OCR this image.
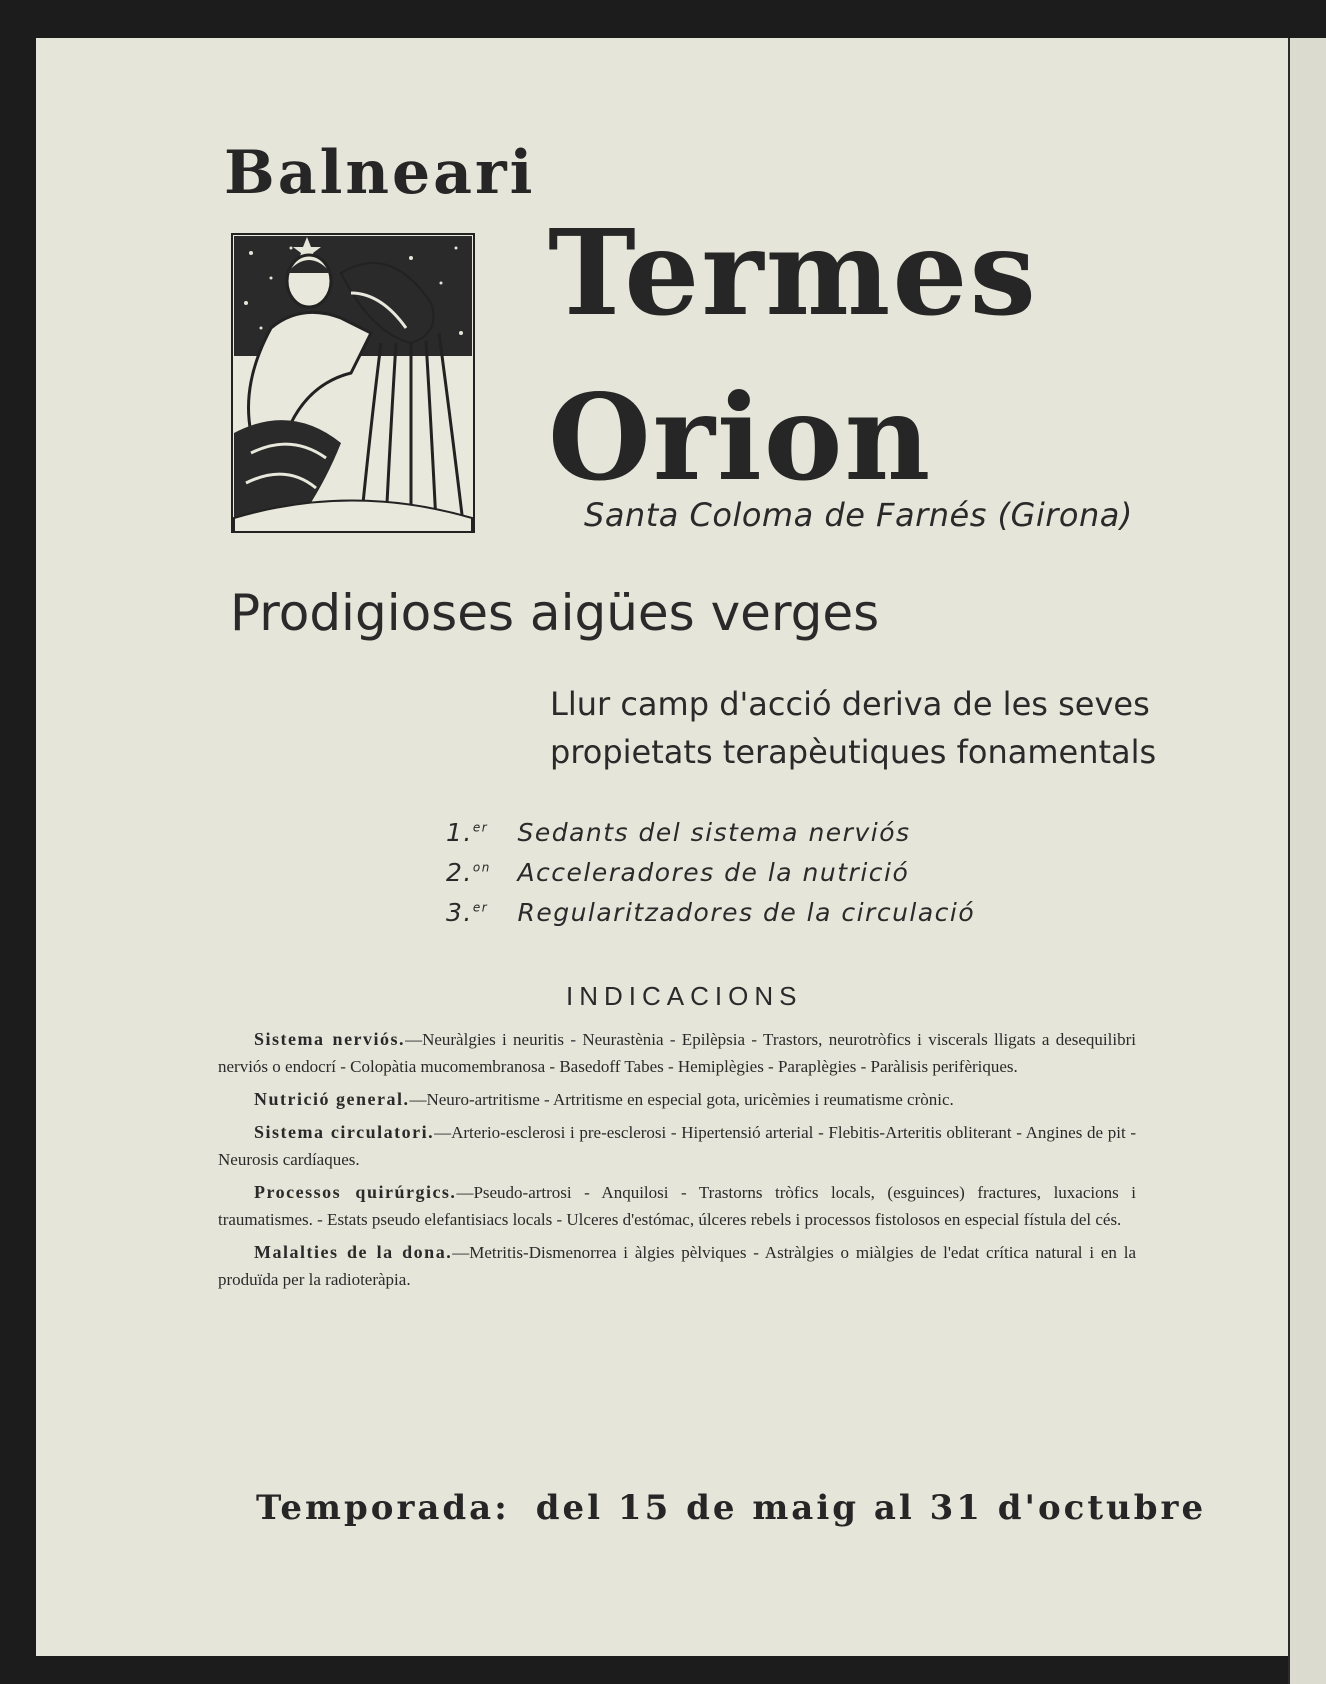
Balneari
Termes
Orion
Santa Coloma de Farnés (Girona)
Prodigioses aigües verges
Llur camp d'acció deriva de les seves propietats terapèutiques fonamentals
1.$^{er}$ Sedants del sistema nerviós
2.$^{on}$ Acceleradores de la nutrició
3.$^{er}$ Regularitzadores de la circulació
INDICACIONS
Sistema nerviós.—Neuràlgies i neuritis - Neurastènia - Epilèpsia - Trastors, neurotròfics i viscerals lligats a desequilibri nerviós o endocrí - Colopàtia mucomembranosa - Basedoff Tabes - Hemiplègies - Paraplègies - Paràlisis perifèriques.
Nutrició general.—Neuro-artritisme - Artritisme en especial gota, uricèmies i reumatisme crònic.
Sistema circulatori.—Arterio-esclerosi i pre-esclerosi - Hipertensió arterial - Flebitis-Arteritis obliterant - Angines de pit - Neurosis cardíaques.
Processos quirúrgics.—Pseudo-artrosi - Anquilosi - Trastorns tròfics locals, (esguinces) fractures, luxacions i traumatismes. - Estats pseudo elefantisiacs locals - Ulceres d'estómac, úlceres rebels i processos fistolosos en especial fístula del cés.
Malalties de la dona.—Metritis-Dismenorrea i àlgies pèlviques - Astràlgies o miàlgies de l'edat crítica natural i en la produïda per la radioteràpia.
Temporada: del 15 de maig al 31 d'octubre
